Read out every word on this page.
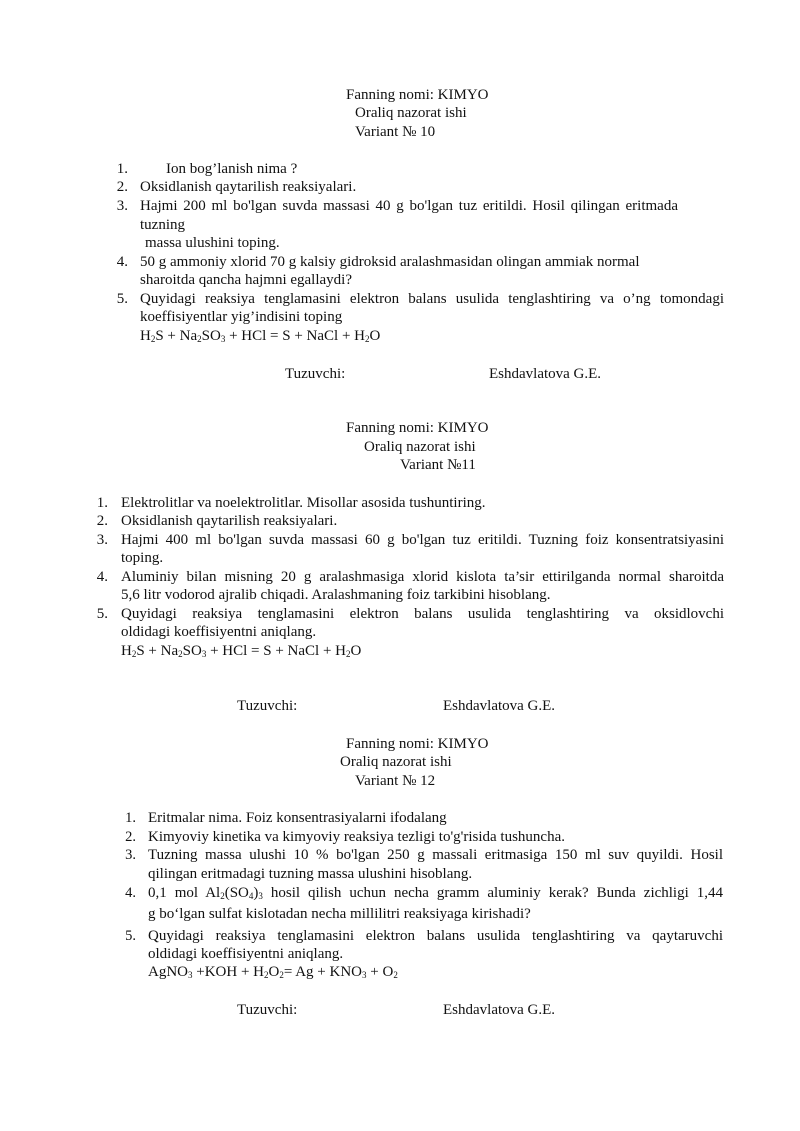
Fanning nomi: KIMYO
Oraliq nazorat ishi
Variant № 10
1.	Ion bog’lanish nima ?
2. Oksidlanish qaytarilish reaksiyalari.
3. Hajmi 200 ml bo'lgan suvda massasi 40 g bo'lgan tuz eritildi. Hosil qilingan eritmada
tuzning
massa ulushini toping.
4. 50 g ammoniy xlorid 70 g kalsiy gidroksid aralashmasidan olingan ammiak normal
sharoitda qancha hajmni egallaydi?
5. Quyidagi reaksiya tenglamasini elektron balans usulida tenglashtiring va o’ng tomondagi
koeffisiyentlar yig’indisini toping
$H_2S + Na_2SO_3$ + HCl = S + NaCl + $H_2O$
Tuzuvchi:	Eshdavlatova G.E.
Fanning nomi: KIMYO
Oraliq nazorat ishi
Variant №11
1. Elektrolitlar va noelektrolitlar. Misollar asosida tushuntiring.
2. Oksidlanish qaytarilish reaksiyalari.
3. Hajmi 400 ml bo'lgan suvda massasi 60 g bo'lgan tuz eritildi. Tuzning foiz konsentratsiyasini
toping.
4. Aluminiy bilan misning 20 g aralashmasiga xlorid kislota ta’sir ettirilganda normal sharoitda
5,6 litr vodorod ajralib chiqadi. Aralashmaning foiz tarkibini hisoblang.
5. Quyidagi reaksiya tenglamasini elektron balans usulida tenglashtiring va oksidlovchi
oldidagi koeffisiyentni aniqlang.
$H_2S + Na_2SO_3$ + HCl = S + NaCl + $H_2O$
Tuzuvchi:	Eshdavlatova G.E.
Fanning nomi: KIMYO
Oraliq nazorat ishi
Variant № 12
1. Eritmalar nima. Foiz konsentrasiyalarni ifodalang
2. Kimyoviy kinetika va kimyoviy reaksiya tezligi to'g'risida tushuncha.
3. Tuzning massa ulushi 10 % bo'lgan 250 g massali eritmasiga 150 ml suv quyildi. Hosil
qilingan eritmadagi tuzning massa ulushini hisoblang.
4. 0,1 mol $Al_2(SO_4)_3$ hosil qilish uchun necha gramm aluminiy kerak? Bunda zichligi 1,44
g bo‘lgan sulfat kislotadan necha millilitri reaksiyaga kirishadi?
5. Quyidagi reaksiya tenglamasini elektron balans usulida tenglashtiring va qaytaruvchi
oldidagi koeffisiyentni aniqlang.
AgNO$_3$ $+KOH + H_2O_2= Ag + KNO_3 + O_2$
Tuzuvchi:	Eshdavlatova G.E.
